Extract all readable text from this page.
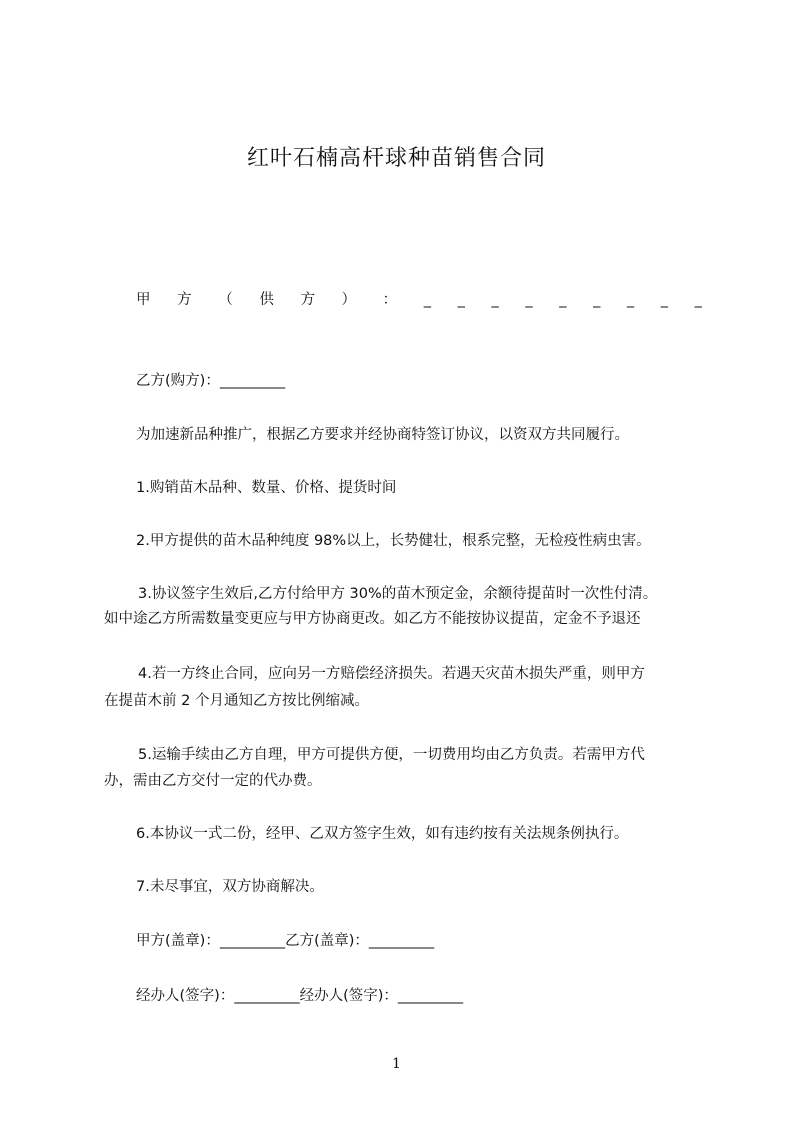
红叶石楠高杆球种苗销售合同
甲 方 （ 供 方 ） ： _ _ _ _ _ _ _ _ _
乙方(购方)：_________
为加速新品种推广，根据乙方要求并经协商特签订协议，以资双方共同履行。
1.购销苗木品种、数量、价格、提货时间
2.甲方提供的苗木品种纯度 98%以上，长势健壮，根系完整，无检疫性病虫害。
3.协议签字生效后,乙方付给甲方 30%的苗木预定金，余额待提苗时一次性付清。
如中途乙方所需数量变更应与甲方协商更改。如乙方不能按协议提苗，定金不予退还
4.若一方终止合同，应向另一方赔偿经济损失。若遇天灾苗木损失严重，则甲方
在提苗木前 2 个月通知乙方按比例缩减。
5.运输手续由乙方自理，甲方可提供方便，一切费用均由乙方负责。若需甲方代
办，需由乙方交付一定的代办费。
6.本协议一式二份，经甲、乙双方签字生效，如有违约按有关法规条例执行。
7.未尽事宜，双方协商解决。
甲方(盖章)：_________乙方(盖章)：_________
经办人(签字)：_________经办人(签字)：_________
1
